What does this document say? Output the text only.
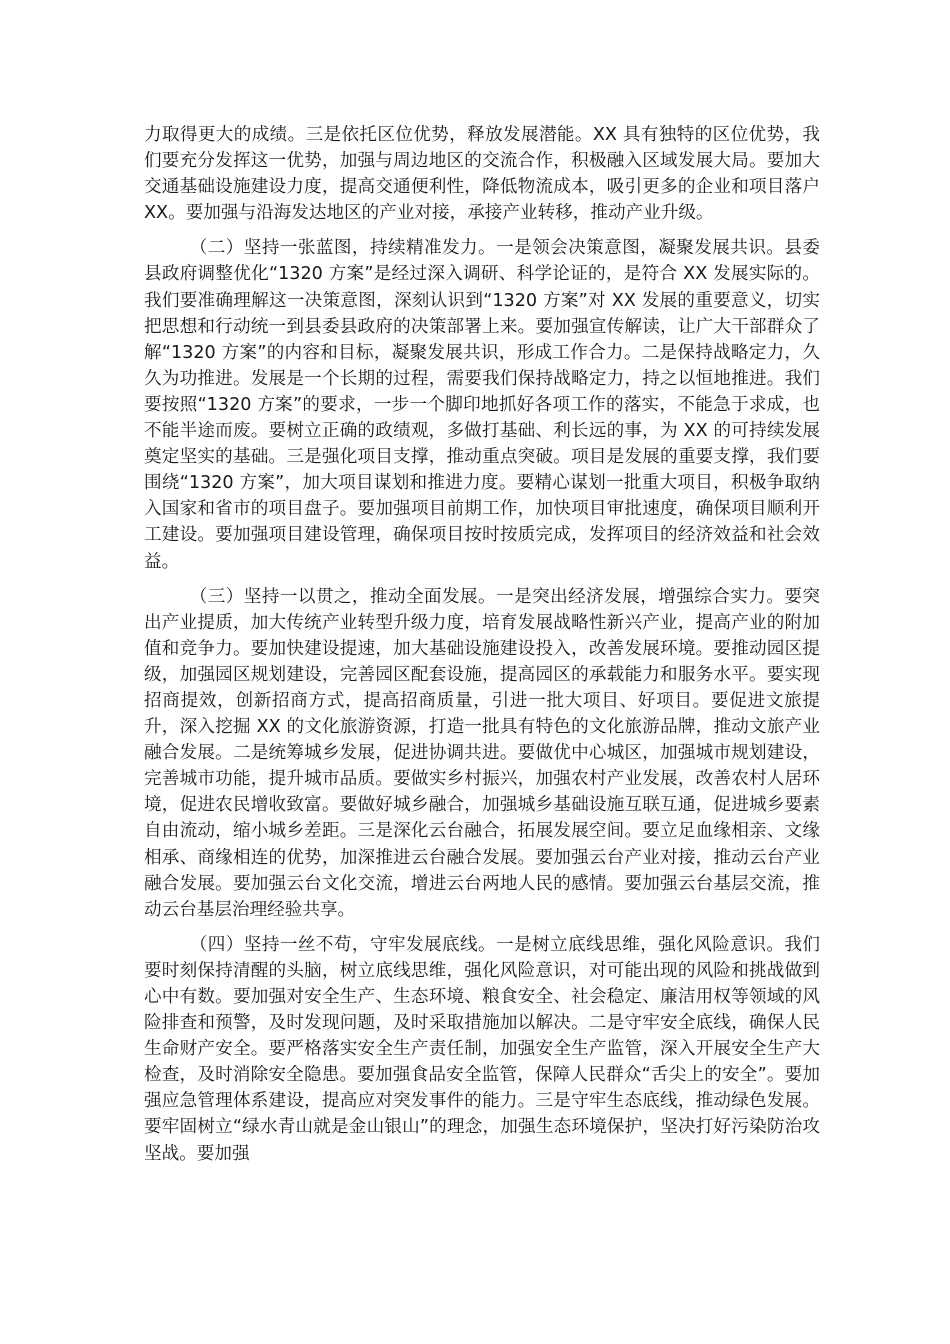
力取得更大的成绩。三是依托区位优势，释放发展潜能。XX 具有独特的区位优势，我们要充分发挥这一优势，加强与周边地区的交流合作，积极融入区域发展大局。要加大交通基础设施建设力度，提高交通便利性，降低物流成本，吸引更多的企业和项目落户 XX。要加强与沿海发达地区的产业对接，承接产业转移，推动产业升级。

（二）坚持一张蓝图，持续精准发力。一是领会决策意图，凝聚发展共识。县委县政府调整优化“1320 方案”是经过深入调研、科学论证的，是符合 XX 发展实际的。我们要准确理解这一决策意图，深刻认识到“1320 方案”对 XX 发展的重要意义，切实把思想和行动统一到县委县政府的决策部署上来。要加强宣传解读，让广大干部群众了解“1320 方案”的内容和目标，凝聚发展共识，形成工作合力。二是保持战略定力，久久为功推进。发展是一个长期的过程，需要我们保持战略定力，持之以恒地推进。我们要按照“1320 方案”的要求，一步一个脚印地抓好各项工作的落实，不能急于求成，也不能半途而废。要树立正确的政绩观，多做打基础、利长远的事，为 XX 的可持续发展奠定坚实的基础。三是强化项目支撑，推动重点突破。项目是发展的重要支撑，我们要围绕“1320 方案”，加大项目谋划和推进力度。要精心谋划一批重大项目，积极争取纳入国家和省市的项目盘子。要加强项目前期工作，加快项目审批速度，确保项目顺利开工建设。要加强项目建设管理，确保项目按时按质完成，发挥项目的经济效益和社会效益。

（三）坚持一以贯之，推动全面发展。一是突出经济发展，增强综合实力。要突出产业提质，加大传统产业转型升级力度，培育发展战略性新兴产业，提高产业的附加值和竞争力。要加快建设提速，加大基础设施建设投入，改善发展环境。要推动园区提级，加强园区规划建设，完善园区配套设施，提高园区的承载能力和服务水平。要实现招商提效，创新招商方式，提高招商质量，引进一批大项目、好项目。要促进文旅提升，深入挖掘 XX 的文化旅游资源，打造一批具有特色的文化旅游品牌，推动文旅产业融合发展。二是统筹城乡发展，促进协调共进。要做优中心城区，加强城市规划建设，完善城市功能，提升城市品质。要做实乡村振兴，加强农村产业发展，改善农村人居环境，促进农民增收致富。要做好城乡融合，加强城乡基础设施互联互通，促进城乡要素自由流动，缩小城乡差距。三是深化云台融合，拓展发展空间。要立足血缘相亲、文缘相承、商缘相连的优势，加深推进云台融合发展。要加强云台产业对接，推动云台产业融合发展。要加强云台文化交流，增进云台两地人民的感情。要加强云台基层交流，推动云台基层治理经验共享。

（四）坚持一丝不苟，守牢发展底线。一是树立底线思维，强化风险意识。我们要时刻保持清醒的头脑，树立底线思维，强化风险意识，对可能出现的风险和挑战做到心中有数。要加强对安全生产、生态环境、粮食安全、社会稳定、廉洁用权等领域的风险排查和预警，及时发现问题，及时采取措施加以解决。二是守牢安全底线，确保人民生命财产安全。要严格落实安全生产责任制，加强安全生产监管，深入开展安全生产大检查，及时消除安全隐患。要加强食品安全监管，保障人民群众“舌尖上的安全”。要加强应急管理体系建设，提高应对突发事件的能力。三是守牢生态底线，推动绿色发展。要牢固树立“绿水青山就是金山银山”的理念，加强生态环境保护，坚决打好污染防治攻坚战。要加强
